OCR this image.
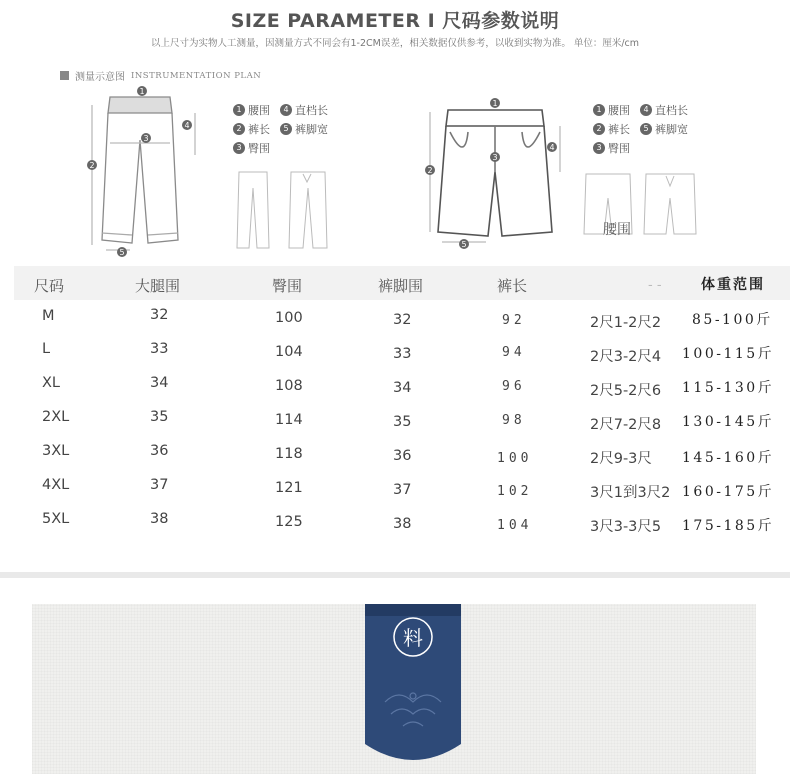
SIZE PARAMETER I 尺码参数说明
以上尺寸为实物人工测量，因测量方式不同会有1-2CM误差，相关数据仅供参考，以收到实物为准。 单位：厘米/cm
测量示意图 INSTRUMENTATION PLAN
1
2
3
4
5
1 腰围	4 直档长
2 裤长	5 裤脚宽
3 臀围
1
2
3
4
5
1 腰围	4 直档长
2 裤长	5 裤脚宽
3 臀围
腰围
尺码	大腿围	臀围	裤脚围	裤长	- -	体重范围
M	32	100	32	92	2尺1-2尺2 85-100斤
L	33	104	33	94	2尺3-2尺4 100-115斤
XL	34	108	34	96	2尺5-2尺6 115-130斤
2XL	35	114	35	98	2尺7-2尺8 130-145斤
3XL	36	118	36	100	2尺9-3尺 145-160斤
4XL	37	121	37	102	3尺1到3尺2 160-175斤
5XL	38	125	38	104	3尺3-3尺5 175-185斤
料
